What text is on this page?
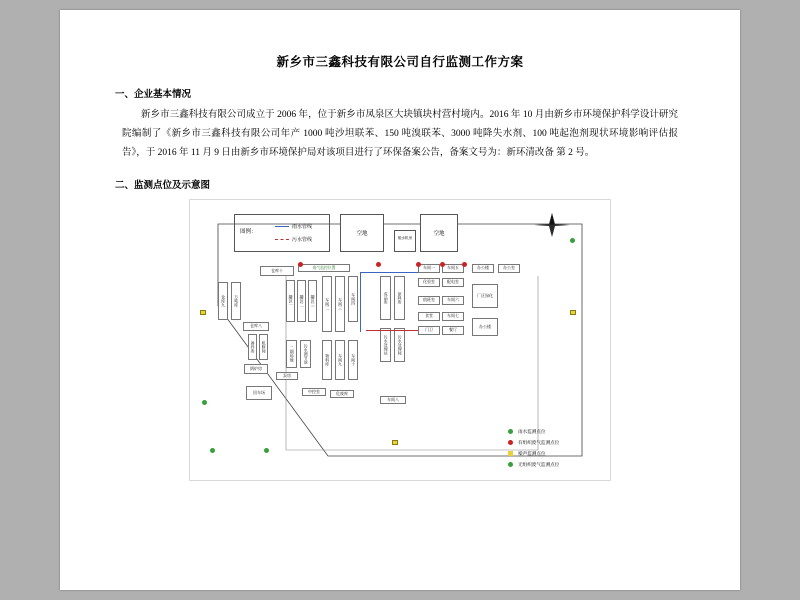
新乡市三鑫科技有限公司自行监测工作方案
一、企业基本情况
新乡市三鑫科技有限公司成立于 2006 年，位于新乡市凤泉区大块镇块村营村境内。2016 年 10 月由新乡市环境保护科学设计研究院编制了《新乡市三鑫科技有限公司年产 1000 吨沙坦联苯、150 吨溴联苯、3000 吨降失水剂、100 吨起泡剂现状环境影响评估报告》，于 2016 年 11 月 9 日由新乡市环境保护局对该项目进行了环保备案公告，备案文号为：新环清改备 第 2 号。
二、监测点位及示意图
图例：
雨水管线
污水管线
空地
脱水机房
空地
仓库十
仓库九	万吨库
仓库八
备件库	机修间
锅炉房
回车场
废气监控位置
罐区一	罐区二	罐区三	车间二	车间三	车间四	成品库	原料库
车间一	车间五	办公楼	办公室
化验室	配电室
厂区绿化
值班室	车间六
食堂	车间七
门卫	餐厅
办公楼
污水处理站	污水处理间
二期场地	污水调节池	物料库	车间九	车间十
泵房
中控室	危废库
车间八
雨水监测点位
有组织废气监测点位
噪声监测点位
无组织废气监测点位
